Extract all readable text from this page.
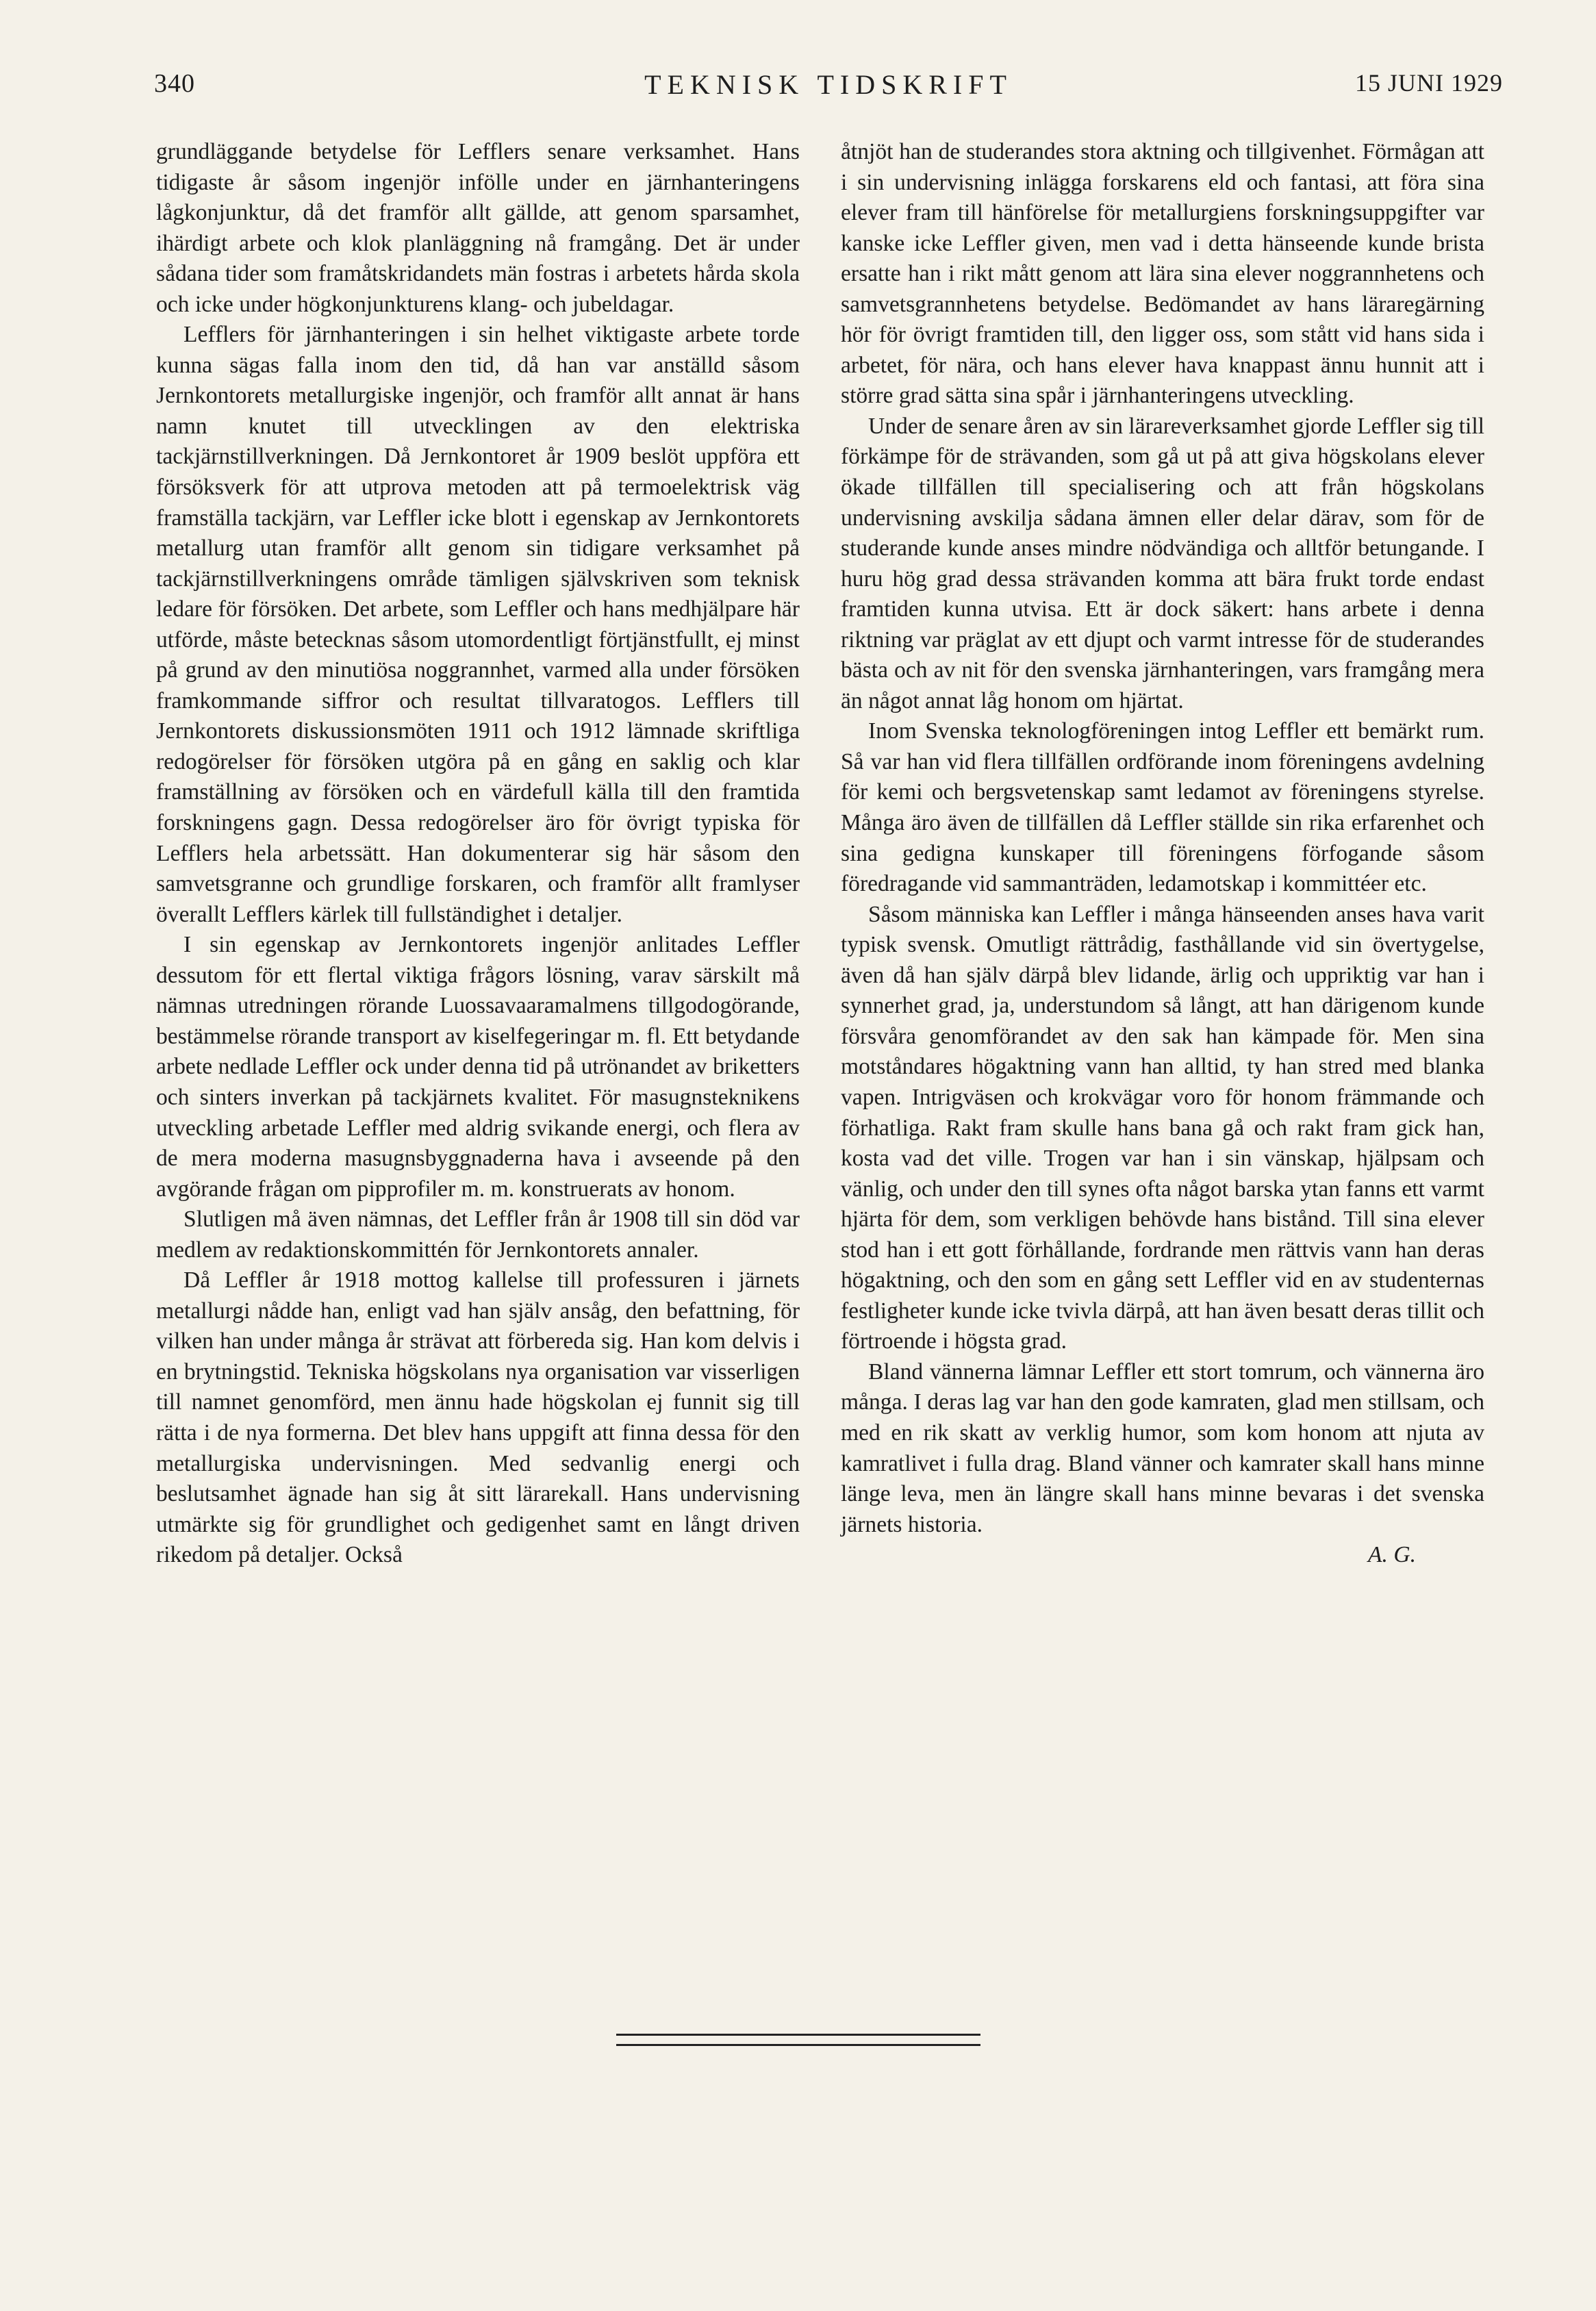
340	TEKNISK TIDSKRIFT	15 JUNI 1929

grundläggande betydelse för Lefflers senare verksamhet. Hans tidigaste år såsom ingenjör infölle under en järnhanteringens lågkonjunktur, då det framför allt gällde, att genom sparsamhet, ihärdigt arbete och klok planläggning nå framgång. Det är under sådana tider som framåtskridandets män fostras i arbetets hårda skola och icke under högkonjunkturens klang- och jubeldagar.

Lefflers för järnhanteringen i sin helhet viktigaste arbete torde kunna sägas falla inom den tid, då han var anställd såsom Jernkontorets metallurgiske ingenjör, och framför allt annat är hans namn knutet till utvecklingen av den elektriska tackjärnstillverkningen. Då Jernkontoret år 1909 beslöt uppföra ett försöksverk för att utprova metoden att på termoelektrisk väg framställa tackjärn, var Leffler icke blott i egenskap av Jernkontorets metallurg utan framför allt genom sin tidigare verksamhet på tackjärnstillverkningens område tämligen självskriven som teknisk ledare för försöken. Det arbete, som Leffler och hans medhjälpare här utförde, måste betecknas såsom utomordentligt förtjänstfullt, ej minst på grund av den minutiösa noggrannhet, varmed alla under försöken framkommande siffror och resultat tillvaratogos. Lefflers till Jernkontorets diskussionsmöten 1911 och 1912 lämnade skriftliga redogörelser för försöken utgöra på en gång en saklig och klar framställning av försöken och en värdefull källa till den framtida forskningens gagn. Dessa redogörelser äro för övrigt typiska för Lefflers hela arbetssätt. Han dokumenterar sig här såsom den samvetsgranne och grundlige forskaren, och framför allt framlyser överallt Lefflers kärlek till fullständighet i detaljer.

I sin egenskap av Jernkontorets ingenjör anlitades Leffler dessutom för ett flertal viktiga frågors lösning, varav särskilt må nämnas utredningen rörande Luossavaaramalmens tillgodogörande, bestämmelse rörande transport av kiselfegeringar m. fl. Ett betydande arbete nedlade Leffler ock under denna tid på utrönandet av briketters och sinters inverkan på tackjärnets kvalitet. För masugnsteknikens utveckling arbetade Leffler med aldrig svikande energi, och flera av de mera moderna masugnsbyggnaderna hava i avseende på den avgörande frågan om pipprofiler m. m. konstruerats av honom.

Slutligen må även nämnas, det Leffler från år 1908 till sin död var medlem av redaktionskommittén för Jernkontorets annaler.

Då Leffler år 1918 mottog kallelse till professuren i järnets metallurgi nådde han, enligt vad han själv ansåg, den befattning, för vilken han under många år strävat att förbereda sig. Han kom delvis i en brytningstid. Tekniska högskolans nya organisation var visserligen till namnet genomförd, men ännu hade högskolan ej funnit sig till rätta i de nya formerna. Det blev hans uppgift att finna dessa för den metallurgiska undervisningen. Med sedvanlig energi och beslutsamhet ägnade han sig åt sitt lärarekall. Hans undervisning utmärkte sig för grundlighet och gedigenhet samt en långt driven rikedom på detaljer. Också

åtnjöt han de studerandes stora aktning och tillgivenhet. Förmågan att i sin undervisning inlägga forskarens eld och fantasi, att föra sina elever fram till hänförelse för metallurgiens forskningsuppgifter var kanske icke Leffler given, men vad i detta hänseende kunde brista ersatte han i rikt mått genom att lära sina elever noggrannhetens och samvetsgrannhetens betydelse. Bedömandet av hans läraregärning hör för övrigt framtiden till, den ligger oss, som stått vid hans sida i arbetet, för nära, och hans elever hava knappast ännu hunnit att i större grad sätta sina spår i järnhanteringens utveckling.

Under de senare åren av sin lärareverksamhet gjorde Leffler sig till förkämpe för de strävanden, som gå ut på att giva högskolans elever ökade tillfällen till specialisering och att från högskolans undervisning avskilja sådana ämnen eller delar därav, som för de studerande kunde anses mindre nödvändiga och alltför betungande. I huru hög grad dessa strävanden komma att bära frukt torde endast framtiden kunna utvisa. Ett är dock säkert: hans arbete i denna riktning var präglat av ett djupt och varmt intresse för de studerandes bästa och av nit för den svenska järnhanteringen, vars framgång mera än något annat låg honom om hjärtat.

Inom Svenska teknologföreningen intog Leffler ett bemärkt rum. Så var han vid flera tillfällen ordförande inom föreningens avdelning för kemi och bergsvetenskap samt ledamot av föreningens styrelse. Många äro även de tillfällen då Leffler ställde sin rika erfarenhet och sina gedigna kunskaper till föreningens förfogande såsom föredragande vid sammanträden, ledamotskap i kommittéer etc.

Såsom människa kan Leffler i många hänseenden anses hava varit typisk svensk. Omutligt rättrådig, fasthållande vid sin övertygelse, även då han själv därpå blev lidande, ärlig och uppriktig var han i synnerhet grad, ja, understundom så långt, att han därigenom kunde försvåra genomförandet av den sak han kämpade för. Men sina motståndares högaktning vann han alltid, ty han stred med blanka vapen. Intrigväsen och krokvägar voro för honom främmande och förhatliga. Rakt fram skulle hans bana gå och rakt fram gick han, kosta vad det ville. Trogen var han i sin vänskap, hjälpsam och vänlig, och under den till synes ofta något barska ytan fanns ett varmt hjärta för dem, som verkligen behövde hans bistånd. Till sina elever stod han i ett gott förhållande, fordrande men rättvis vann han deras högaktning, och den som en gång sett Leffler vid en av studenternas festligheter kunde icke tvivla därpå, att han även besatt deras tillit och förtroende i högsta grad.

Bland vännerna lämnar Leffler ett stort tomrum, och vännerna äro många. I deras lag var han den gode kamraten, glad men stillsam, och med en rik skatt av verklig humor, som kom honom att njuta av kamratlivet i fulla drag. Bland vänner och kamrater skall hans minne länge leva, men än längre skall hans minne bevaras i det svenska järnets historia.

A. G.
